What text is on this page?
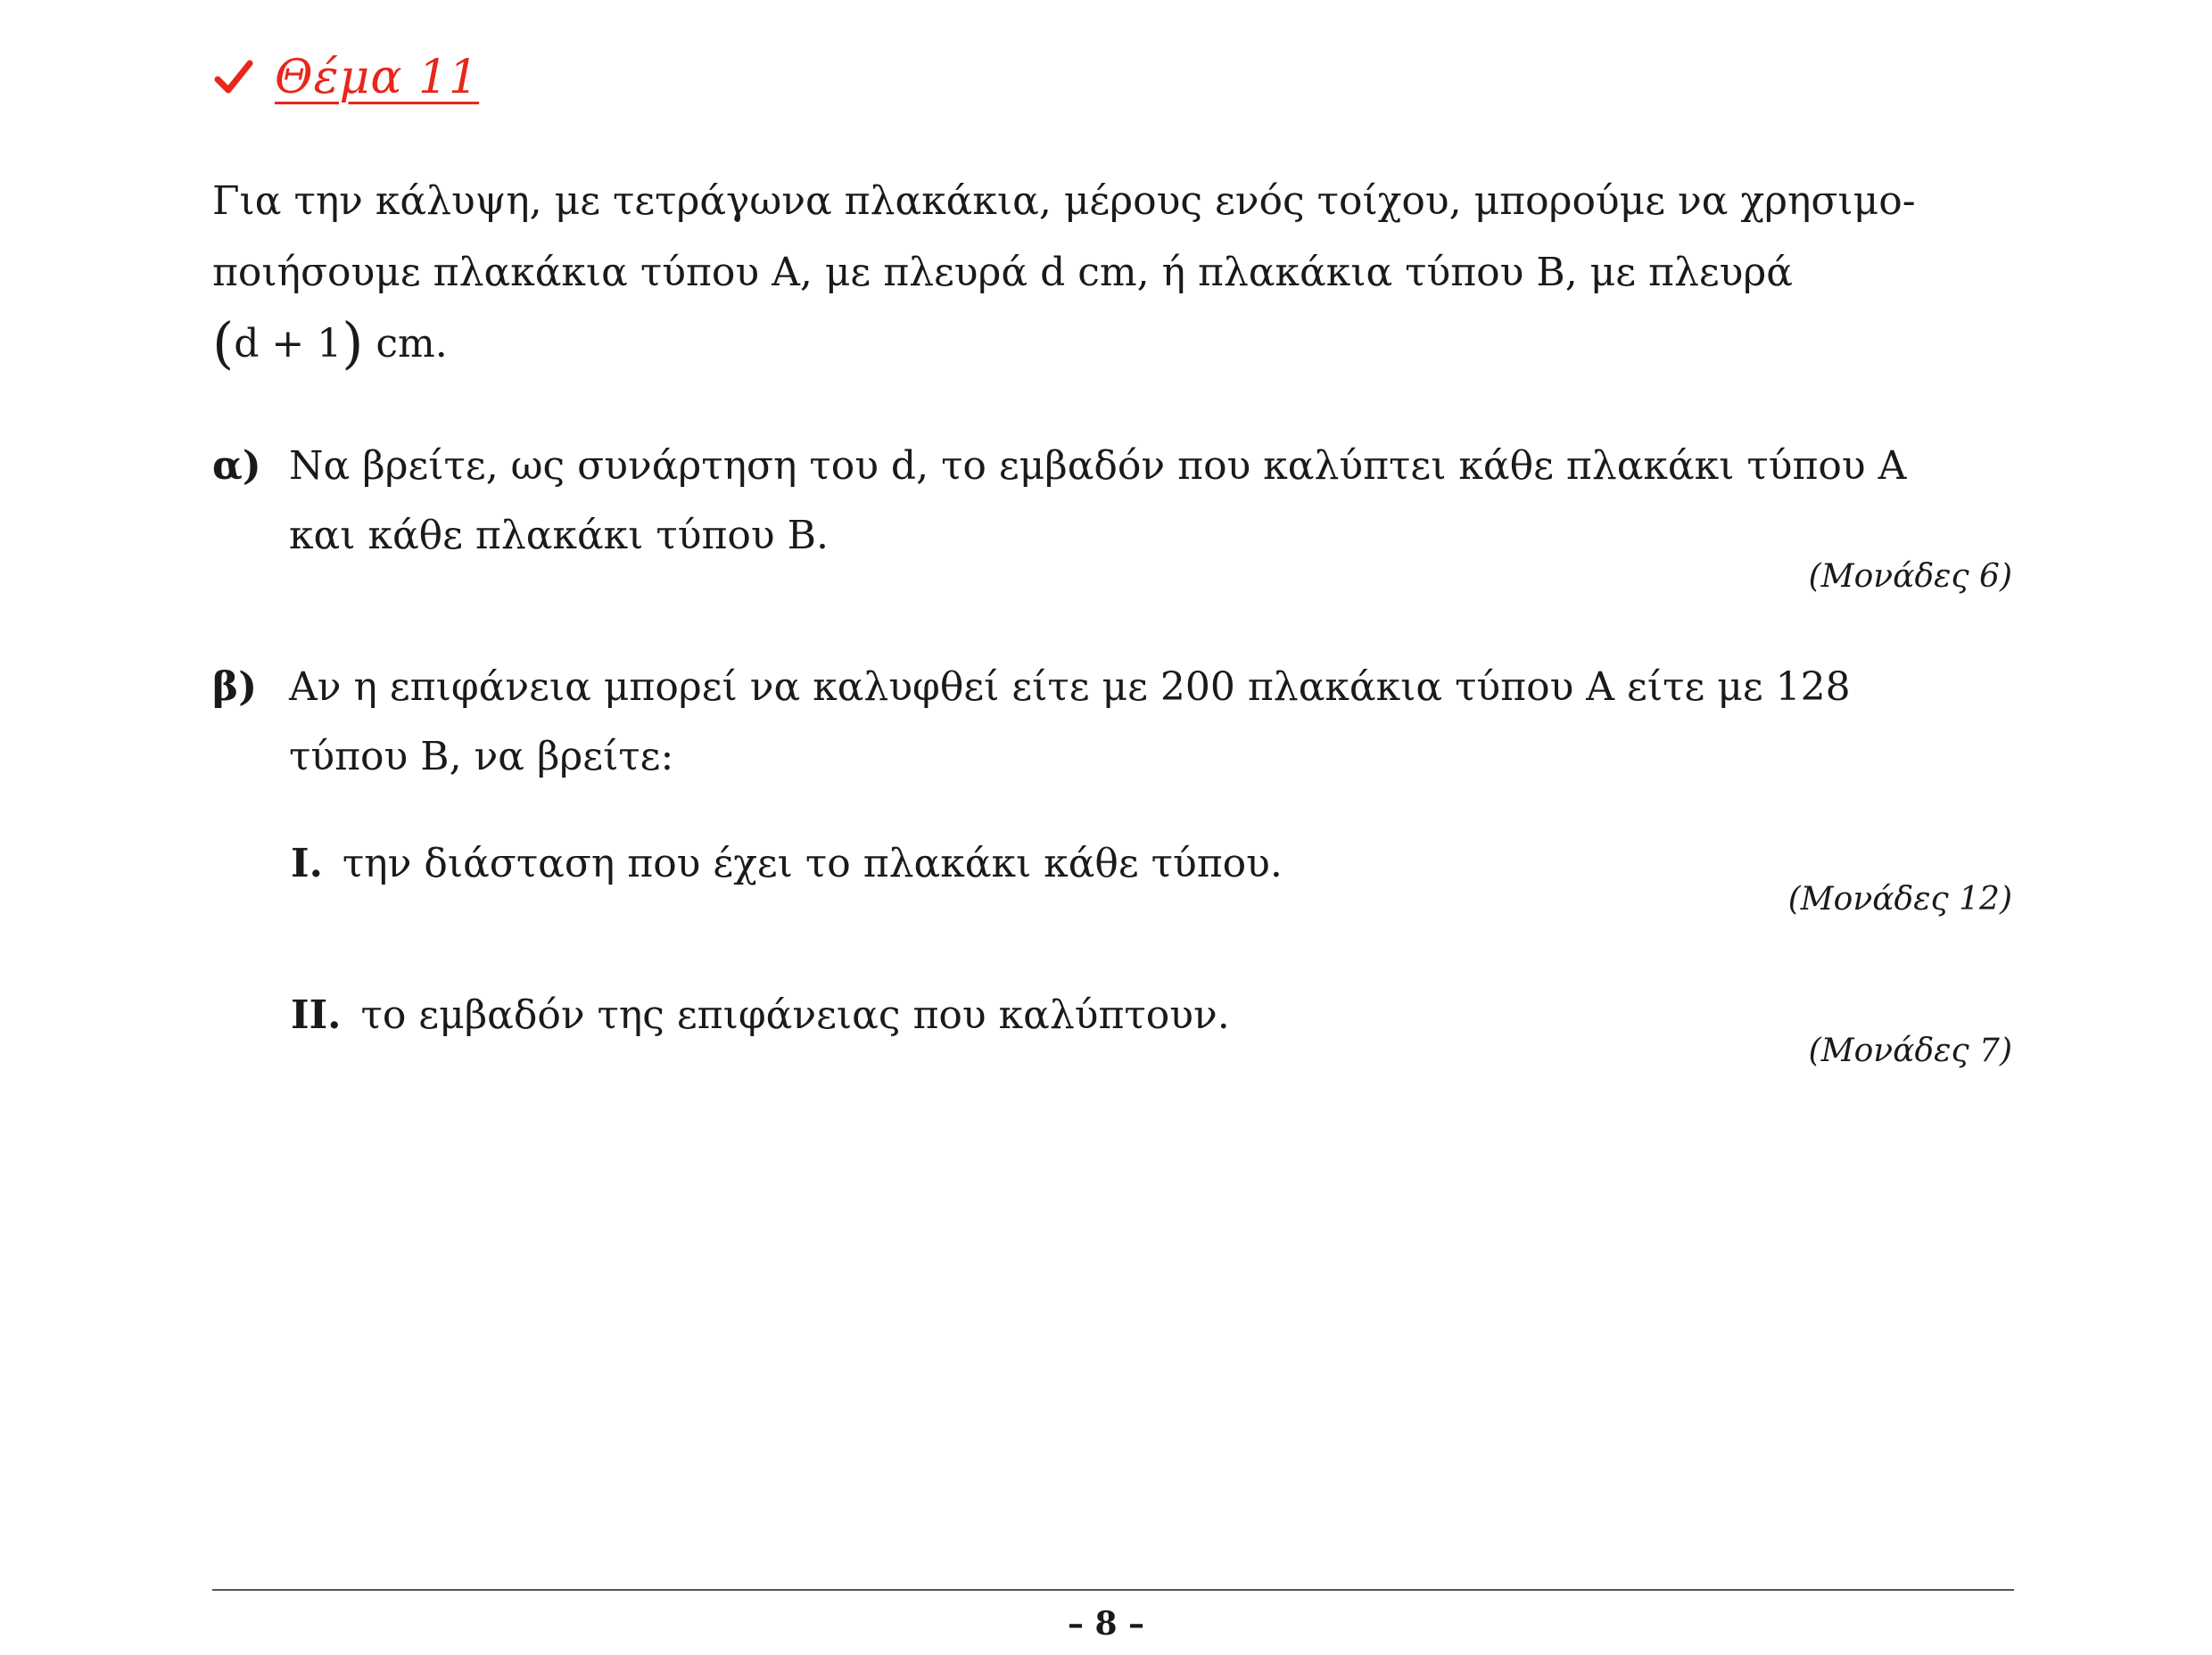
Θέμα 11
Για την κάλυψη, με τετράγωνα πλακάκια, μέρους ενός τοίχου, μπορούμε να χρησιμο-
ποιήσουμε πλακάκια τύπου Α, με πλευρά d cm, ή πλακάκια τύπου Β, με πλευρά
(d + 1) cm.
α) Να βρείτε, ως συνάρτηση του d, το εμβαδόν που καλύπτει κάθε πλακάκι τύπου Α
και κάθε πλακάκι τύπου Β.
(Μονάδες 6)
β) Αν η επιφάνεια μπορεί να καλυφθεί είτε με 200 πλακάκια τύπου Α είτε με 128
τύπου Β, να βρείτε:
I. την διάσταση που έχει το πλακάκι κάθε τύπου.
(Μονάδες 12)
II. το εμβαδόν της επιφάνειας που καλύπτουν.
(Μονάδες 7)
– 8 –
